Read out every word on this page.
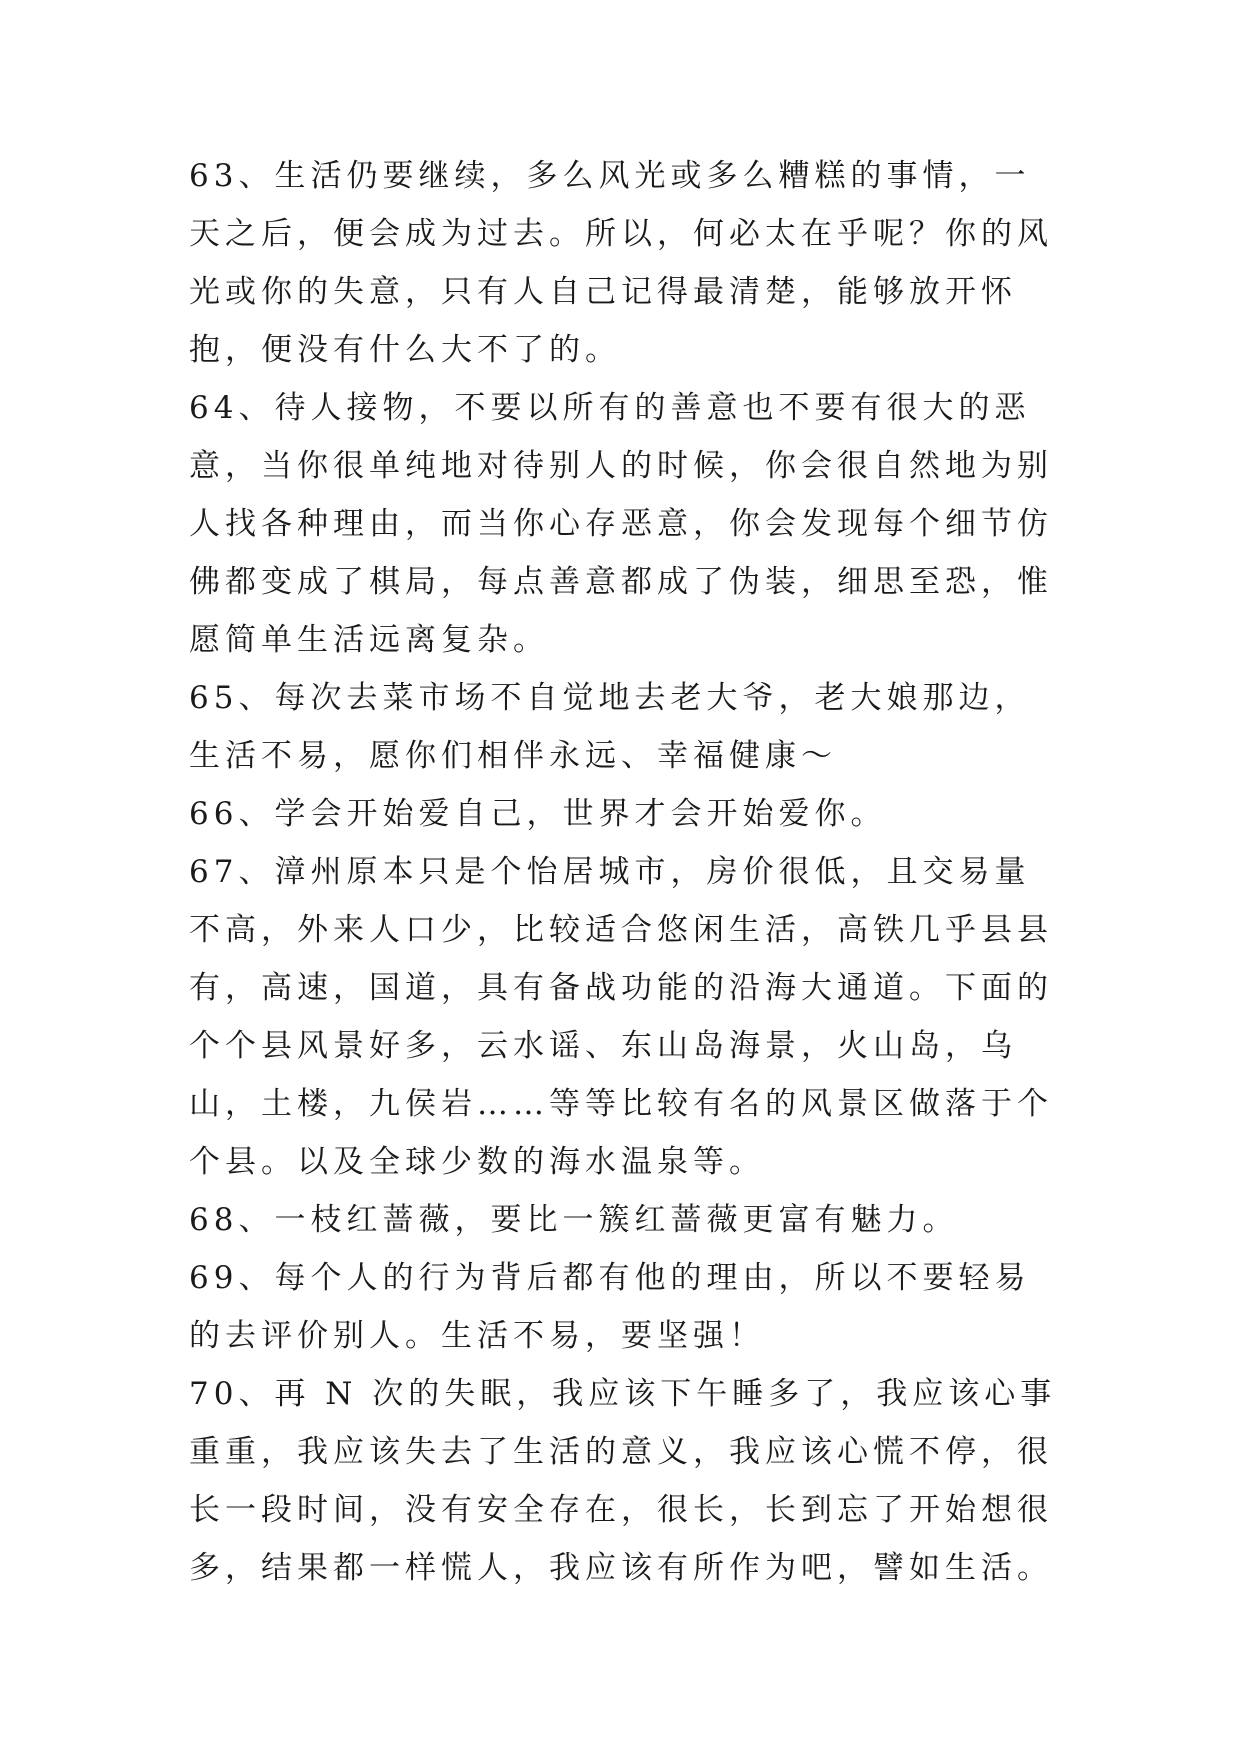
63、生活仍要继续，多么风光或多么糟糕的事情，一天之后，便会成为过去。所以，何必太在乎呢？你的风光或你的失意，只有人自己记得最清楚，能够放开怀抱，便没有什么大不了的。

64、待人接物，不要以所有的善意也不要有很大的恶意，当你很单纯地对待别人的时候，你会很自然地为别人找各种理由，而当你心存恶意，你会发现每个细节仿佛都变成了棋局，每点善意都成了伪装，细思至恐，惟愿简单生活远离复杂。

65、每次去菜市场不自觉地去老大爷，老大娘那边，生活不易，愿你们相伴永远、幸福健康～

66、学会开始爱自己，世界才会开始爱你。

67、漳州原本只是个怡居城市，房价很低，且交易量不高，外来人口少，比较适合悠闲生活，高铁几乎县县有，高速，国道，具有备战功能的沿海大通道。下面的个个县风景好多，云水谣、东山岛海景，火山岛，乌山，土楼，九侯岩……等等比较有名的风景区做落于个个县。以及全球少数的海水温泉等。

68、一枝红蔷薇，要比一簇红蔷薇更富有魅力。

69、每个人的行为背后都有他的理由，所以不要轻易的去评价别人。生活不易，要坚强！

70、再 N 次的失眠，我应该下午睡多了，我应该心事重重，我应该失去了生活的意义，我应该心慌不停，很长一段时间，没有安全存在，很长，长到忘了开始想很多，结果都一样慌人，我应该有所作为吧，譬如生活。
